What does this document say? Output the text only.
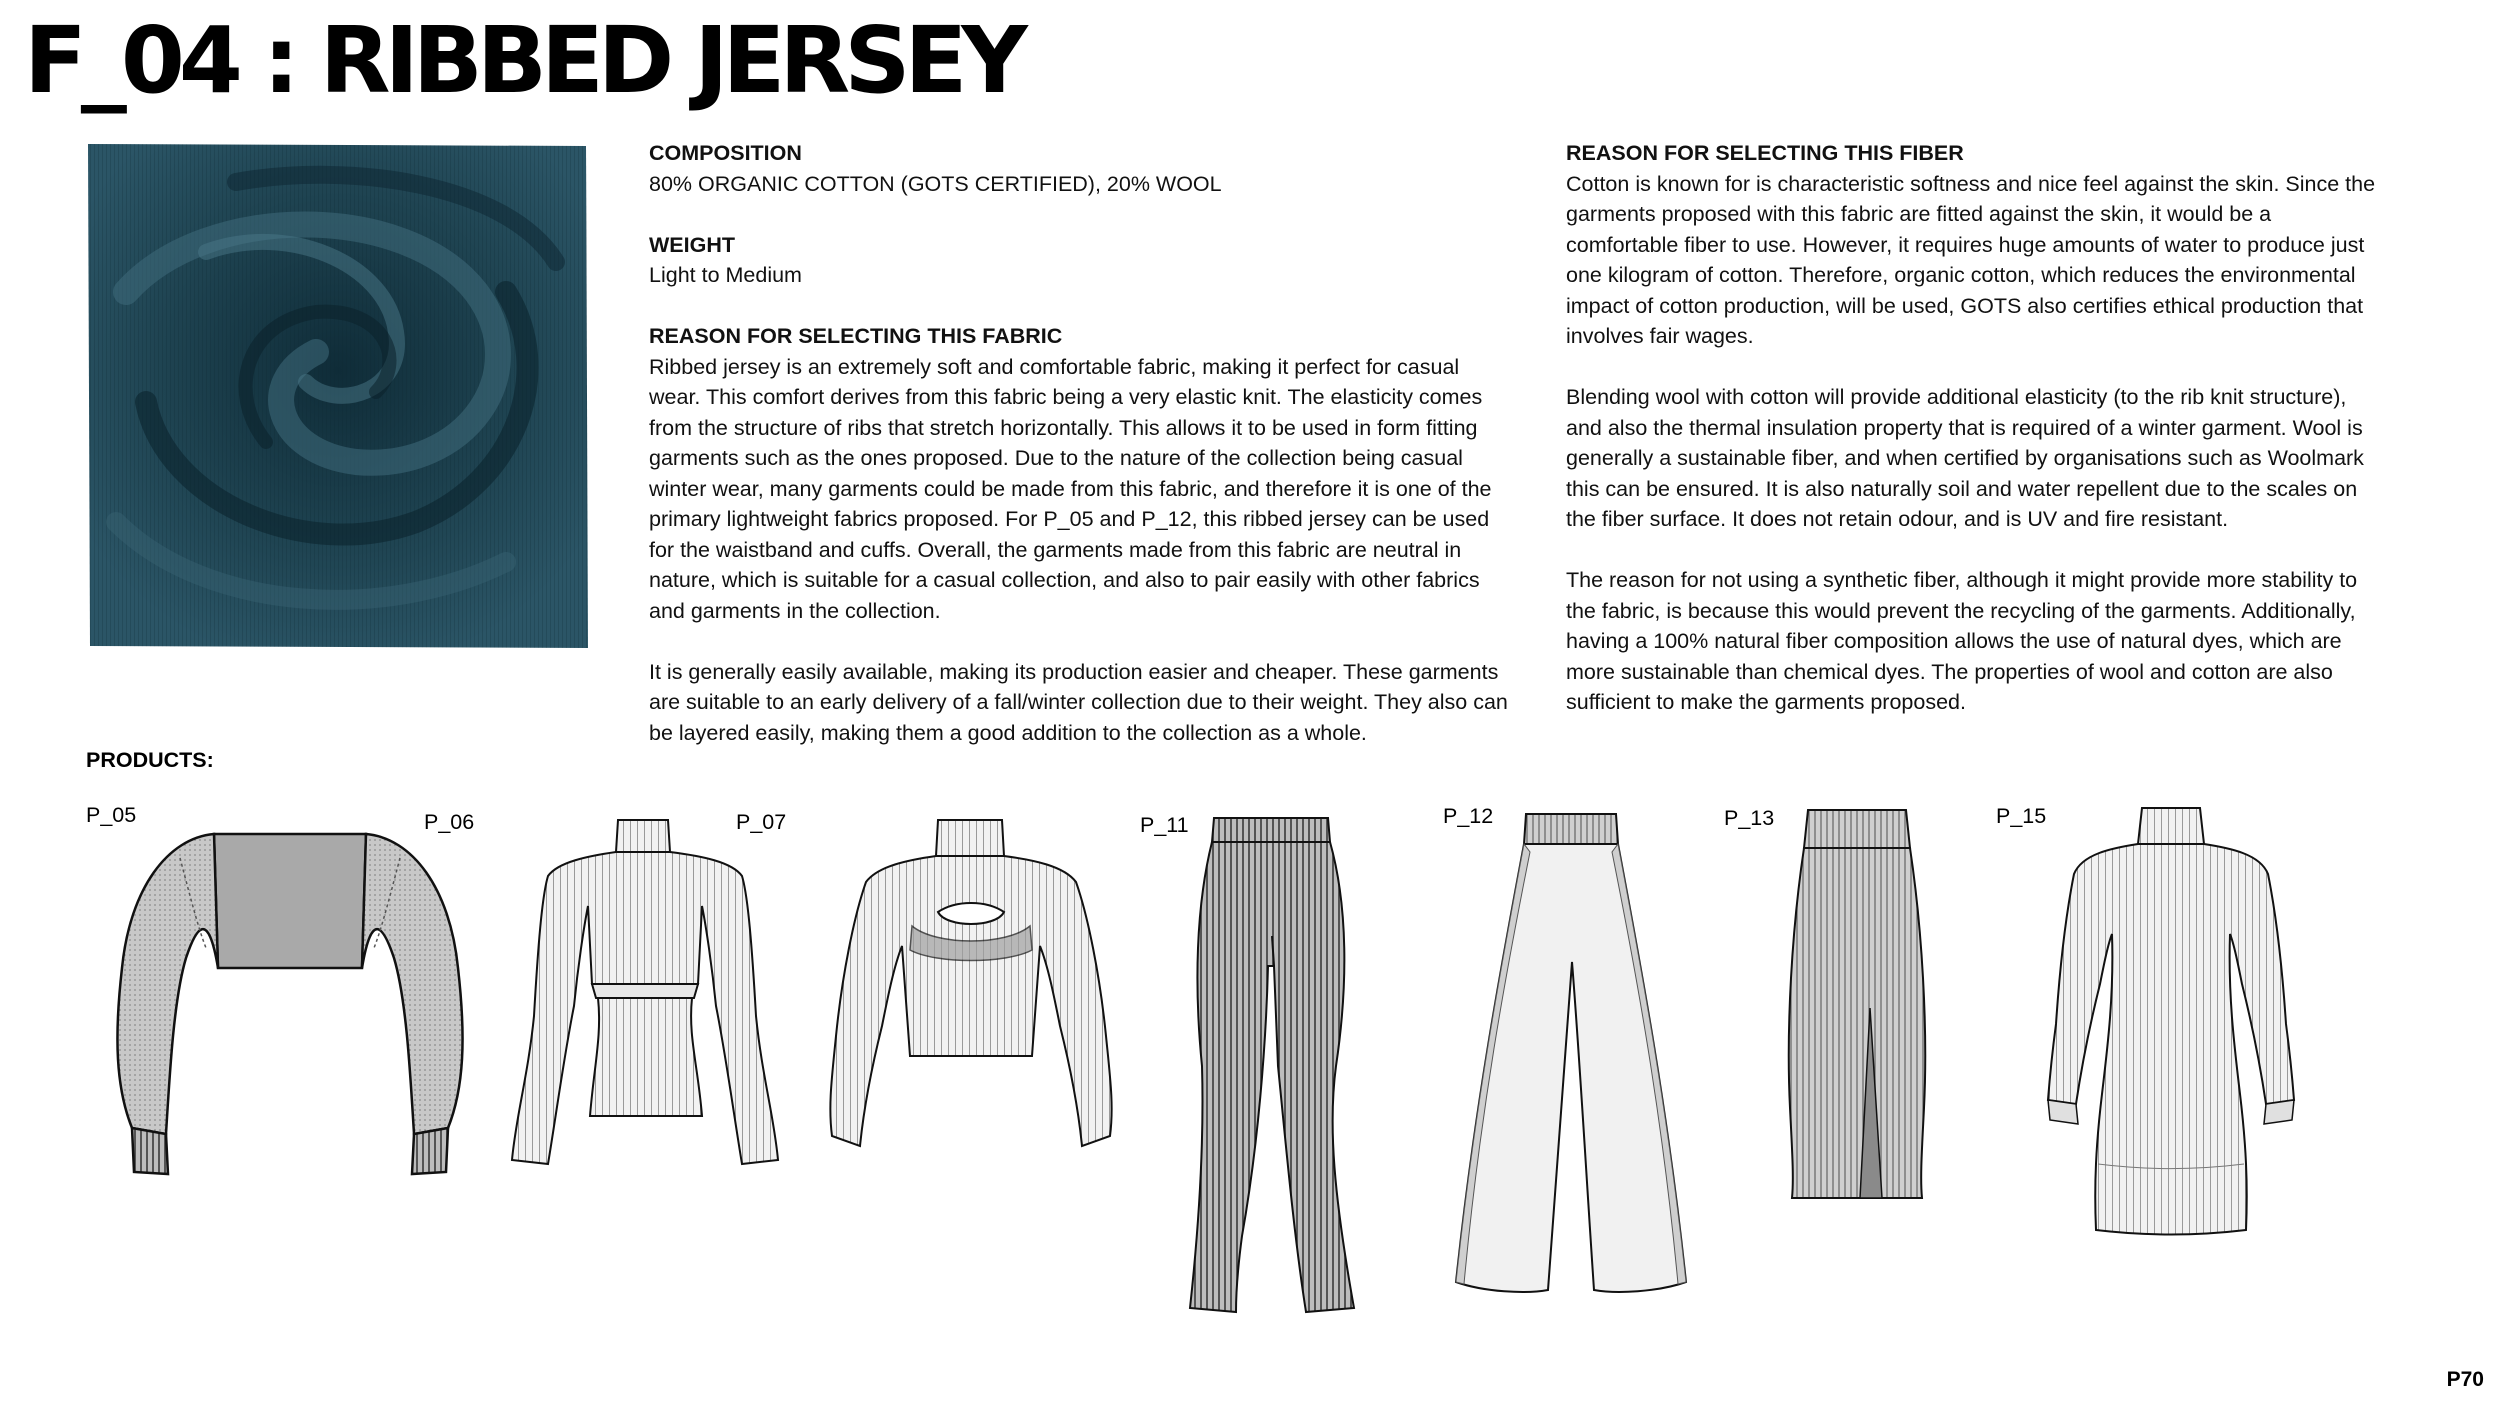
F_04 : RIBBED JERSEY
COMPOSITION

80% ORGANIC COTTON (GOTS CERTIFIED), 20% WOOL

WEIGHT

Light to Medium

REASON FOR SELECTING THIS FABRIC

Ribbed jersey is an extremely soft and comfortable fabric, making it perfect for casual wear. This comfort derives from this fabric being a very elastic knit. The elasticity comes from the structure of ribs that stretch horizontally. This allows it to be used in form fitting garments such as the ones proposed. Due to the nature of the collection being casual winter wear, many garments could be made from this fabric, and therefore it is one of the primary lightweight fabrics proposed. For P_05 and P_12, this ribbed jersey can be used for the waistband and cuffs. Overall, the garments made from this fabric are neutral in nature, which is suitable for a casual collection, and also to pair easily with other fabrics and garments in the collection.

It is generally easily available, making its production easier and cheaper. These garments are suitable to an early delivery of a fall/winter collection due to their weight. They also can be layered easily, making them a good addition to the collection as a whole.

REASON FOR SELECTING THIS FIBER

Cotton is known for is characteristic softness and nice feel against the skin. Since the garments proposed with this fabric are fitted against the skin, it would be a comfortable fiber to use. However, it requires huge amounts of water to produce just one kilogram of cotton. Therefore, organic cotton, which reduces the environmental impact of cotton production, will be used, GOTS also certifies ethical production that involves fair wages.

Blending wool with cotton will provide additional elasticity (to the rib knit structure), and also the thermal insulation property that is required of a winter garment. Wool is generally a sustainable fiber, and when certified by organisations such as Woolmark this can be ensured. It is also naturally soil and water repellent due to the scales on the fiber surface. It does not retain odour, and is UV and fire resistant.

The reason for not using a synthetic fiber, although it might provide more stability to the fabric, is because this would prevent the recycling of the garments. Additionally, having a 100% natural fiber composition allows the use of natural dyes, which are more sustainable than chemical dyes. The properties of wool and cotton are also sufficient to make the garments proposed.

PRODUCTS:
P_05	P_06	P_07	P_11	P_12	P_13	P_15
P70
